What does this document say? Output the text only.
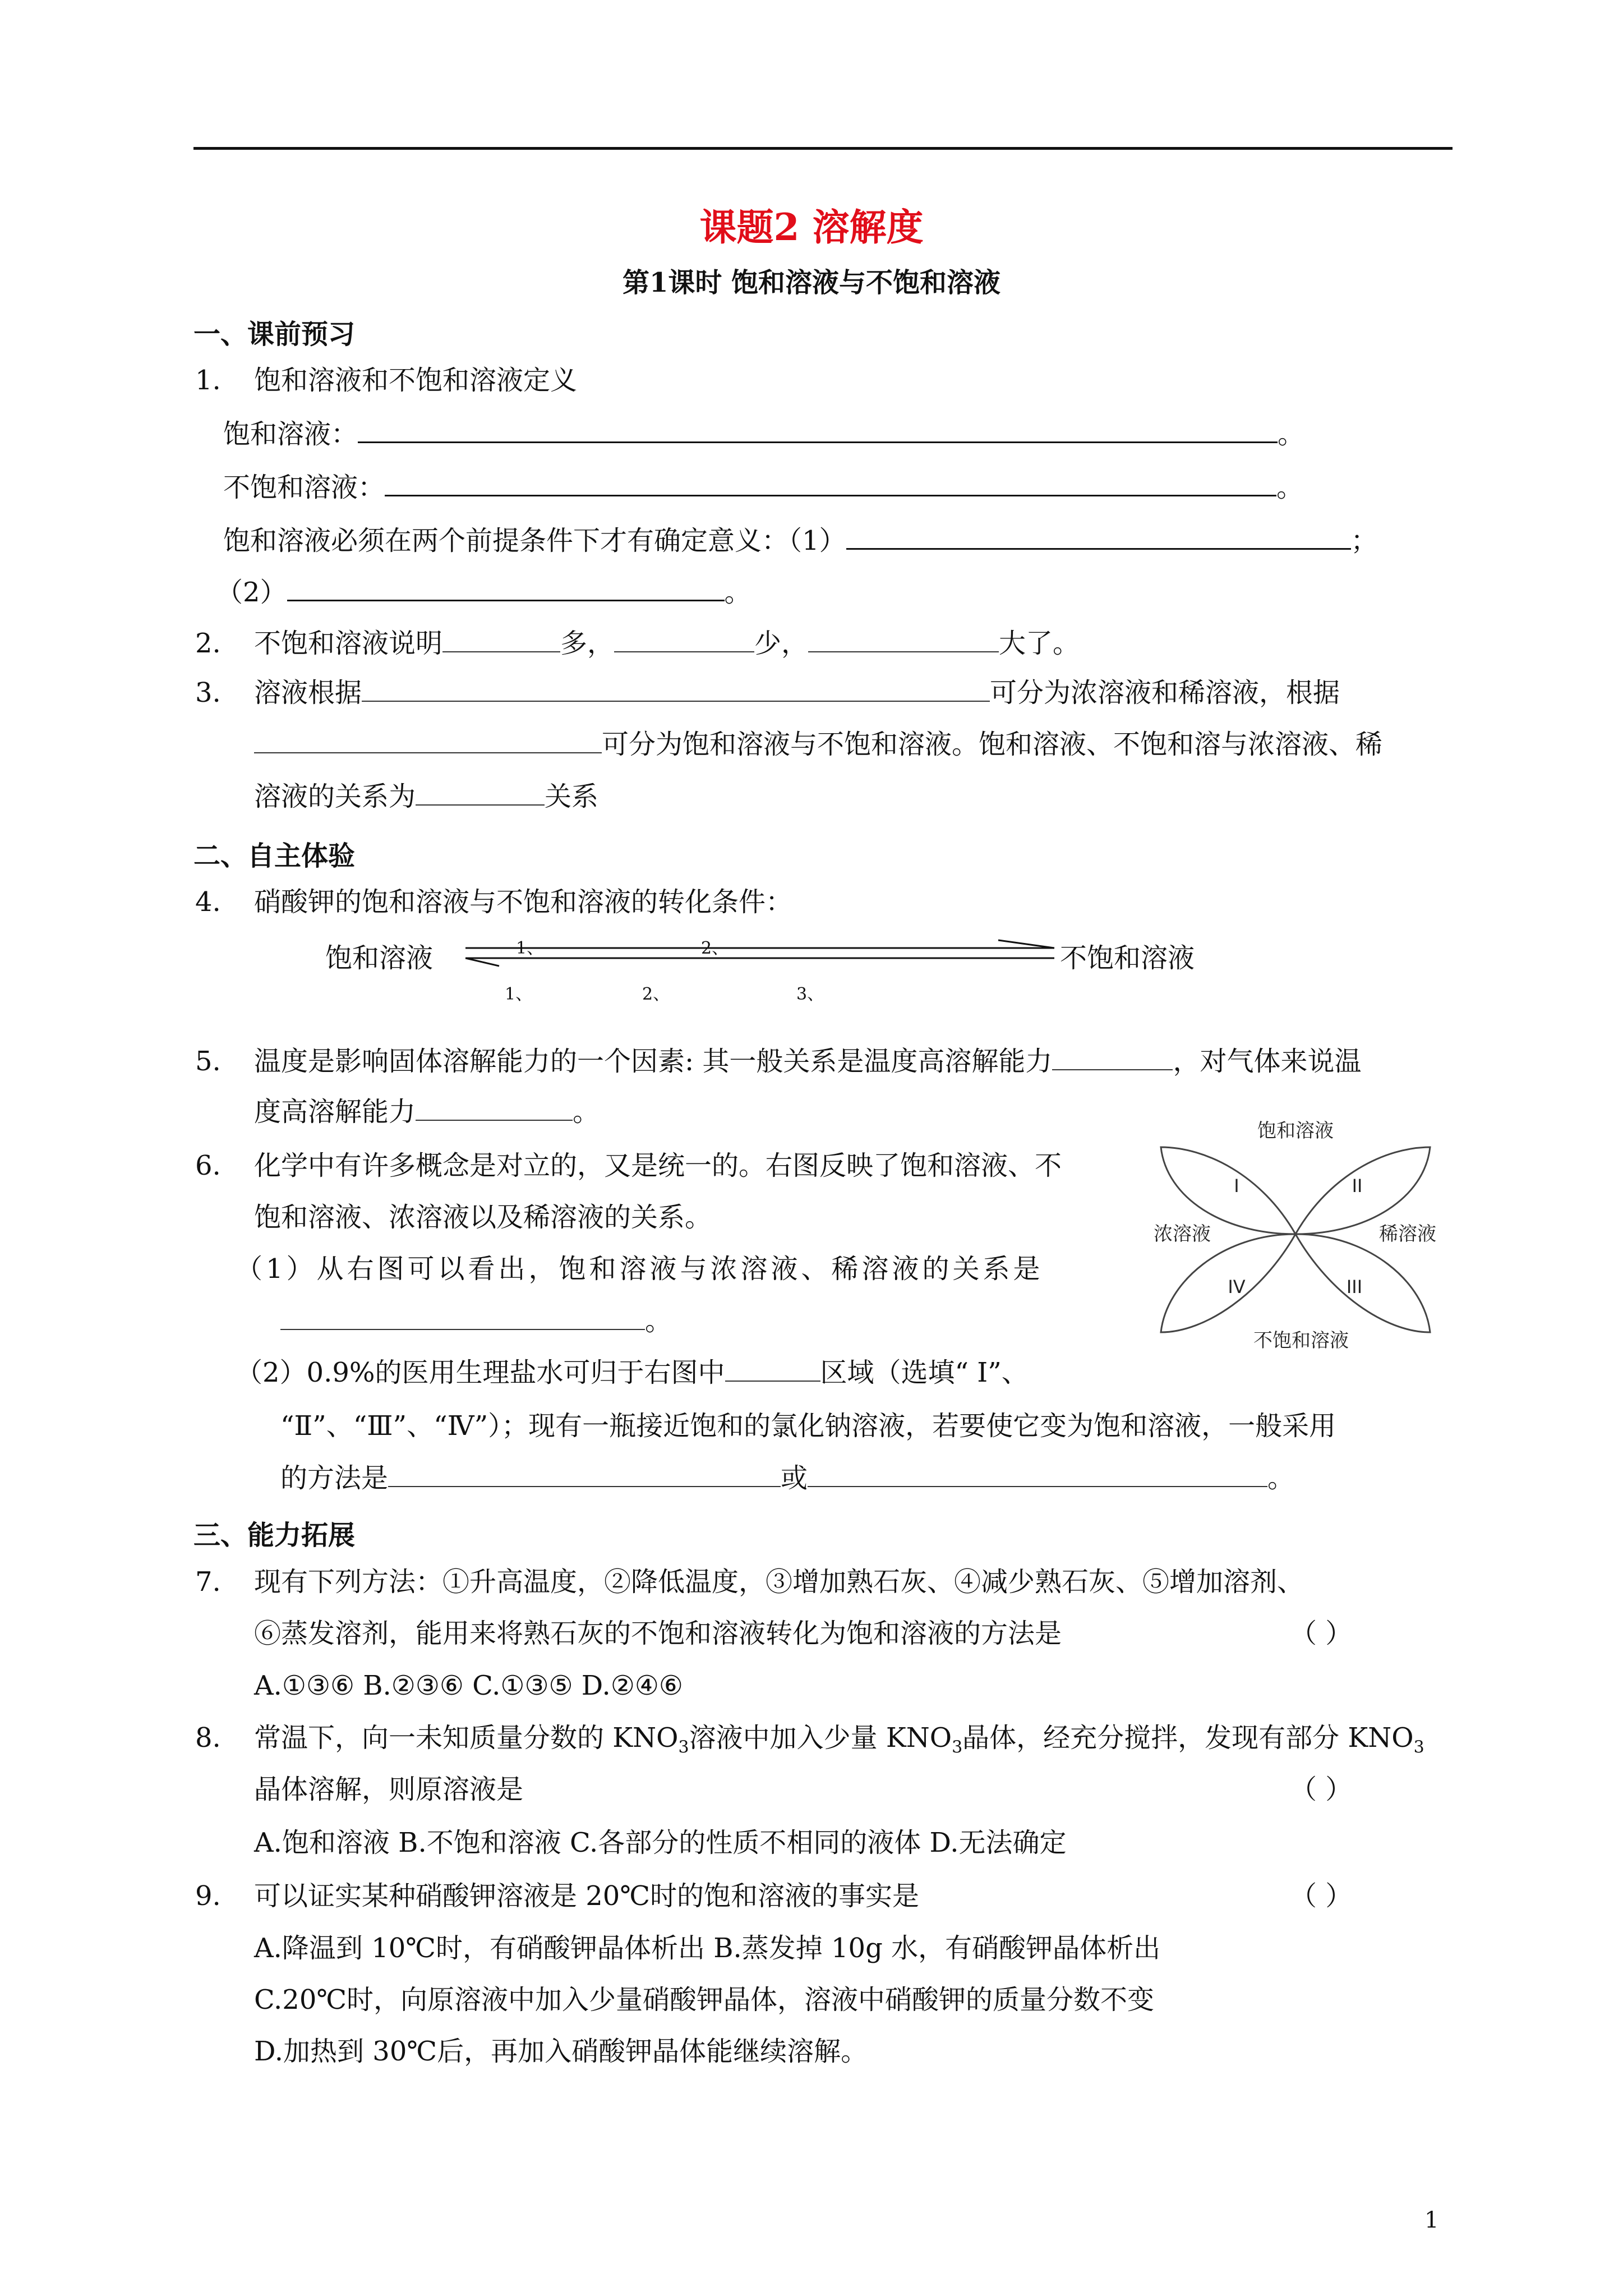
课题2 溶解度
第1课时 饱和溶液与不饱和溶液
一、课前预习
1. 饱和溶液和不饱和溶液定义
饱和溶液：	。
不饱和溶液：	。
饱和溶液必须在两个前提条件下才有确定意义：（1）	；
（2）	。
2. 不饱和溶液说明	多，	少，	大了。
3. 溶液根据	可分为浓溶液和稀溶液，根据
可分为饱和溶液与不饱和溶液。饱和溶液、不饱和溶与浓溶液、稀
溶液的关系为	关系
二、自主体验
4. 硝酸钾的饱和溶液与不饱和溶液的转化条件：
饱和溶液	不饱和溶液
1、	2、
1、	2、	3、
5. 温度是影响固体溶解能力的一个因素: 其一般关系是温度高溶解能力	，对气体来说温
度高溶解能力	。
6. 化学中有许多概念是对立的，又是统一的。右图反映了饱和溶液、不
饱和溶液、浓溶液以及稀溶液的关系。
（1）从右图可以看出，饱和溶液与浓溶液、稀溶液的关系是
。
（2）0.9%的医用生理盐水可归于右图中	区域（选填“ Ⅰ”、
“Ⅱ”、“Ⅲ”、“Ⅳ”）；现有一瓶接近饱和的氯化钠溶液，若要使它变为饱和溶液，一般采用
的方法是	或	。
饱和溶液
不饱和溶液
浓溶液	稀溶液
I	II
III
IV
三、能力拓展
7. 现有下列方法：①升高温度，②降低温度，③增加熟石灰、④减少熟石灰、⑤增加溶剂、
⑥蒸发溶剂，能用来将熟石灰的不饱和溶液转化为饱和溶液的方法是	（ ）
A.①③⑥ B.②③⑥ C.①③⑤ D.②④⑥
8. 常温下，向一未知质量分数的 $KNO_3$溶液中加入少量 $KNO_3$晶体，经充分搅拌，发现有部分 $KNO_3$
晶体溶解，则原溶液是	（ ）
A.饱和溶液 B.不饱和溶液 C.各部分的性质不相同的液体 D.无法确定
9. 可以证实某种硝酸钾溶液是 20℃时的饱和溶液的事实是	（ ）
A.降温到 10℃时，有硝酸钾晶体析出 B.蒸发掉 10g 水，有硝酸钾晶体析出
C.20℃时，向原溶液中加入少量硝酸钾晶体，溶液中硝酸钾的质量分数不变
D.加热到 30℃后，再加入硝酸钾晶体能继续溶解。
1
